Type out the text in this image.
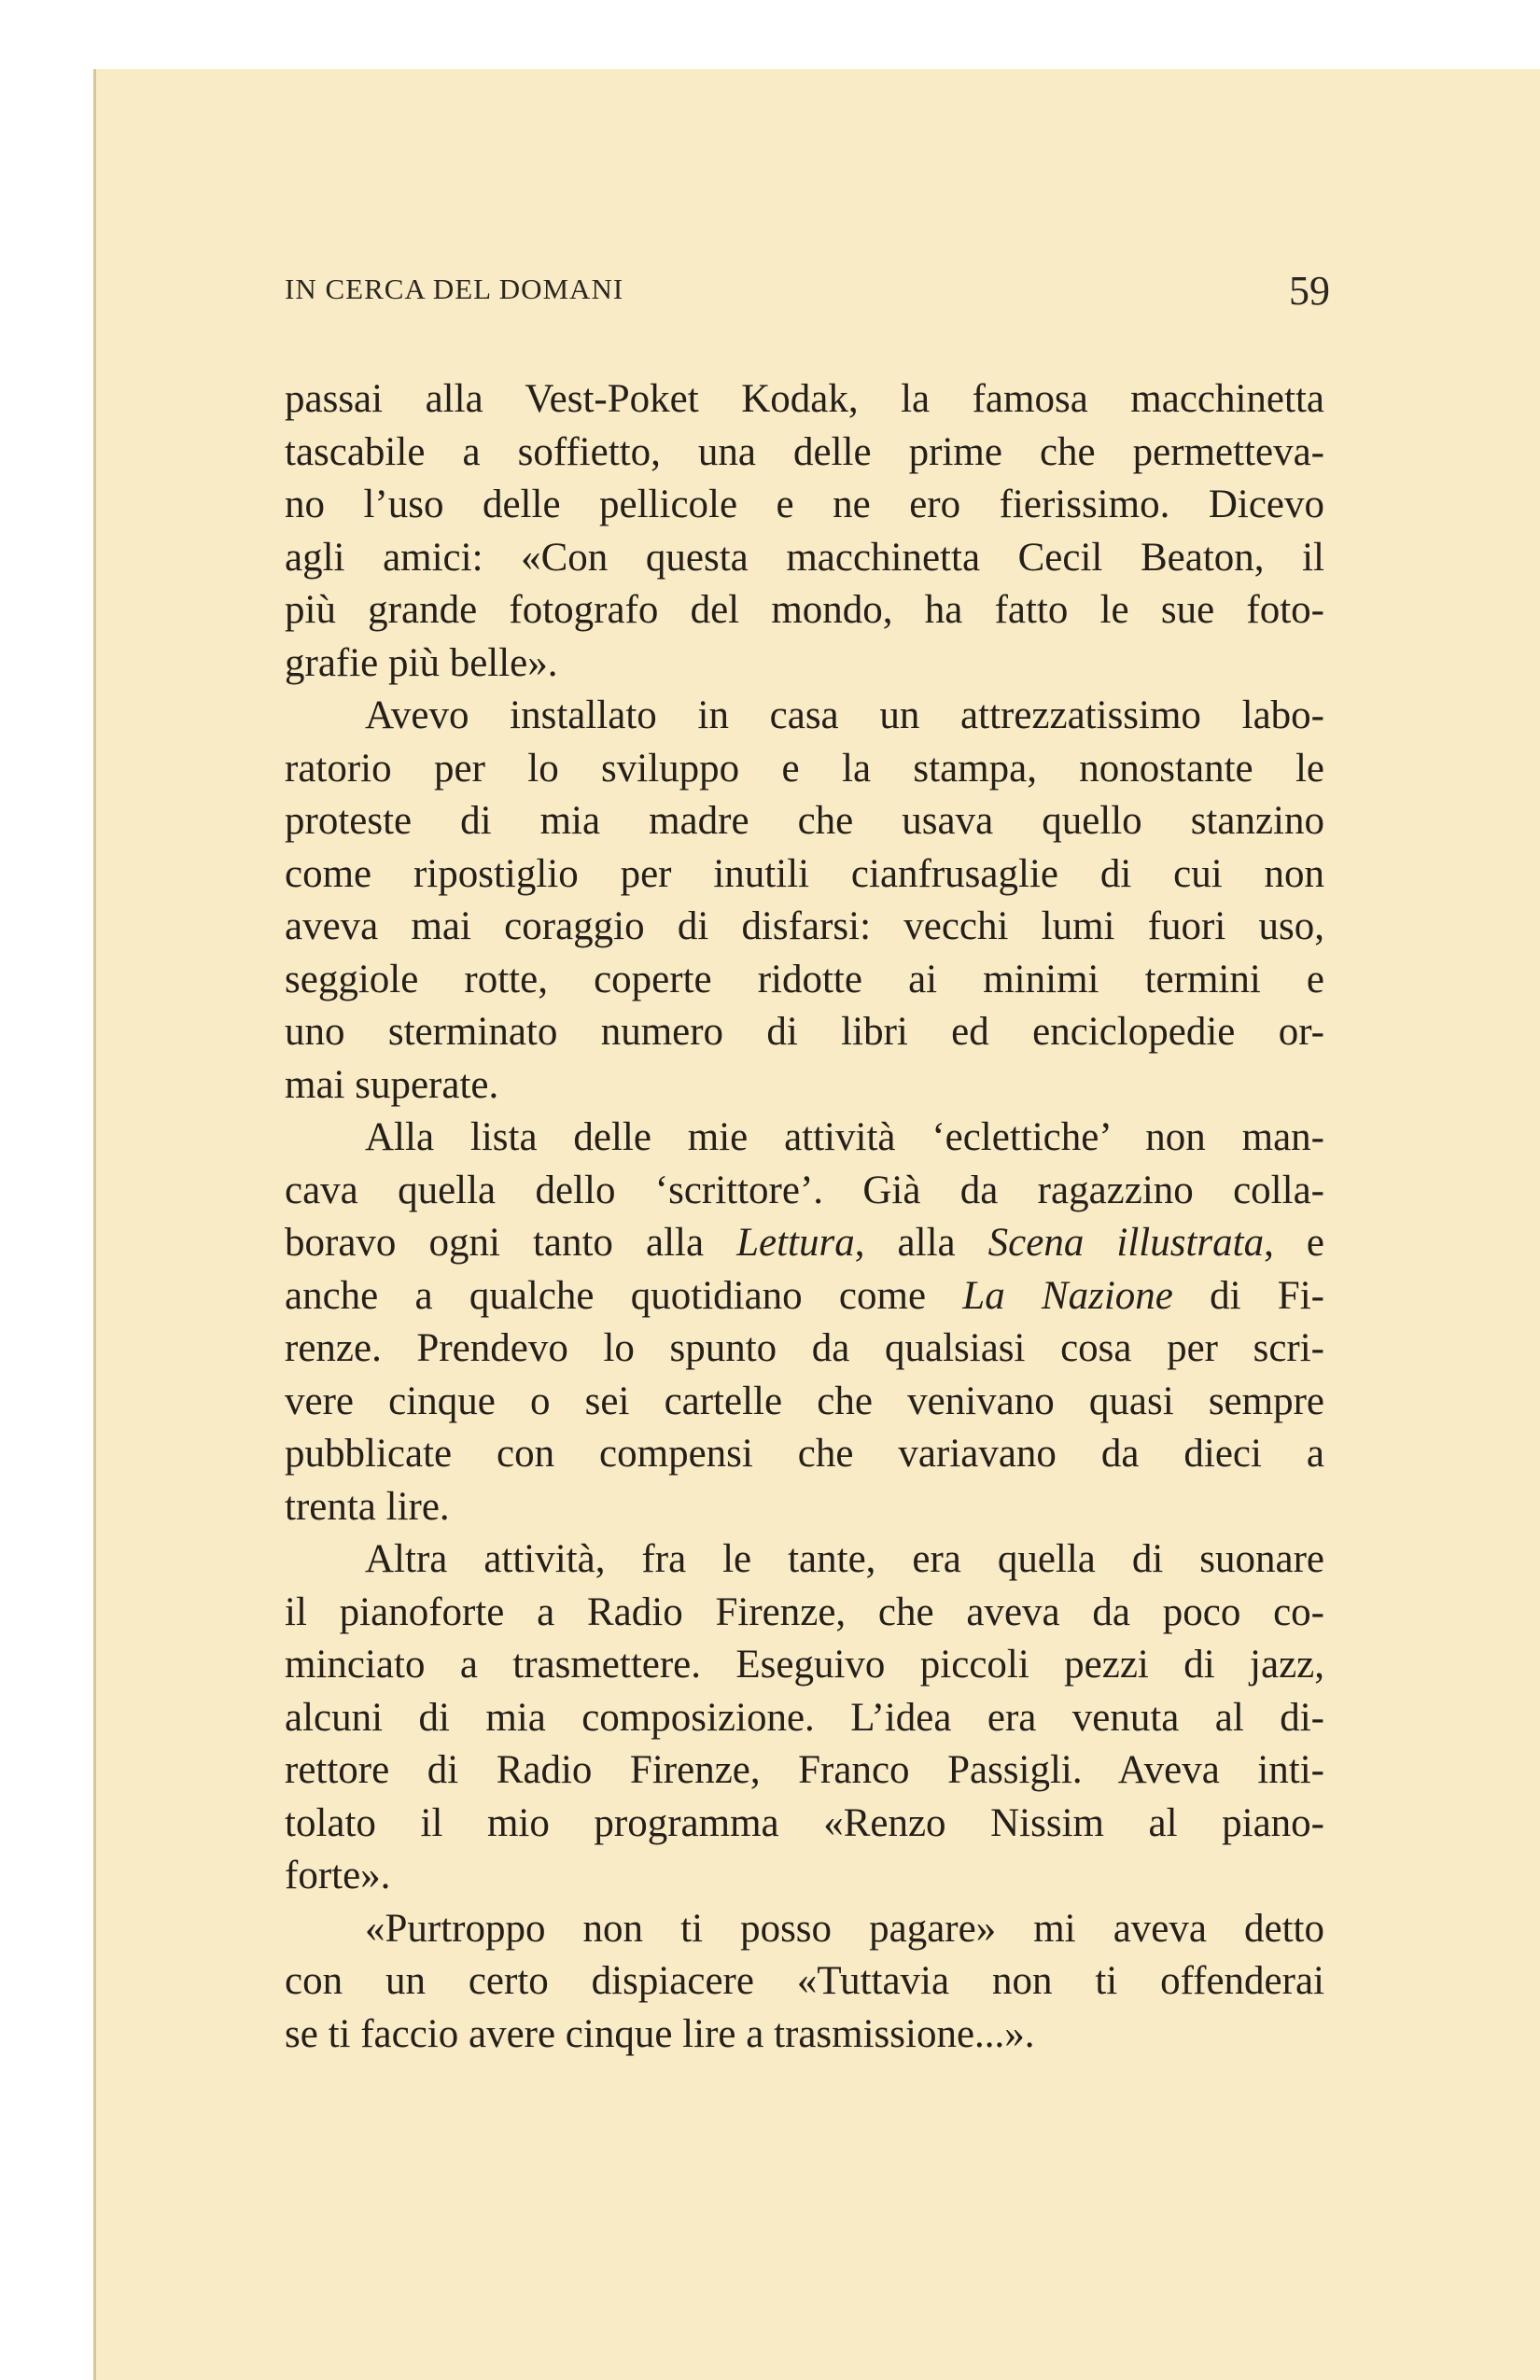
IN CERCA DEL DOMANI	59
passai alla Vest-Poket Kodak, la famosa macchinetta
tascabile a soffietto, una delle prime che permetteva-
no l’uso delle pellicole e ne ero fierissimo. Dicevo
agli amici: «Con questa macchinetta Cecil Beaton, il
più grande fotografo del mondo, ha fatto le sue foto-
grafie più belle».
Avevo installato in casa un attrezzatissimo labo-
ratorio per lo sviluppo e la stampa, nonostante le
proteste di mia madre che usava quello stanzino
come ripostiglio per inutili cianfrusaglie di cui non
aveva mai coraggio di disfarsi: vecchi lumi fuori uso,
seggiole rotte, coperte ridotte ai minimi termini e
uno sterminato numero di libri ed enciclopedie or-
mai superate.
Alla lista delle mie attività ‘eclettiche’ non man-
cava quella dello ‘scrittore’. Già da ragazzino colla-
boravo ogni tanto alla Lettura, alla Scena illustrata, e
anche a qualche quotidiano come La Nazione di Fi-
renze. Prendevo lo spunto da qualsiasi cosa per scri-
vere cinque o sei cartelle che venivano quasi sempre
pubblicate con compensi che variavano da dieci a
trenta lire.
Altra attività, fra le tante, era quella di suonare
il pianoforte a Radio Firenze, che aveva da poco co-
minciato a trasmettere. Eseguivo piccoli pezzi di jazz,
alcuni di mia composizione. L’idea era venuta al di-
rettore di Radio Firenze, Franco Passigli. Aveva inti-
tolato il mio programma «Renzo Nissim al piano-
forte».
«Purtroppo non ti posso pagare» mi aveva detto
con un certo dispiacere «Tuttavia non ti offenderai
se ti faccio avere cinque lire a trasmissione...».
